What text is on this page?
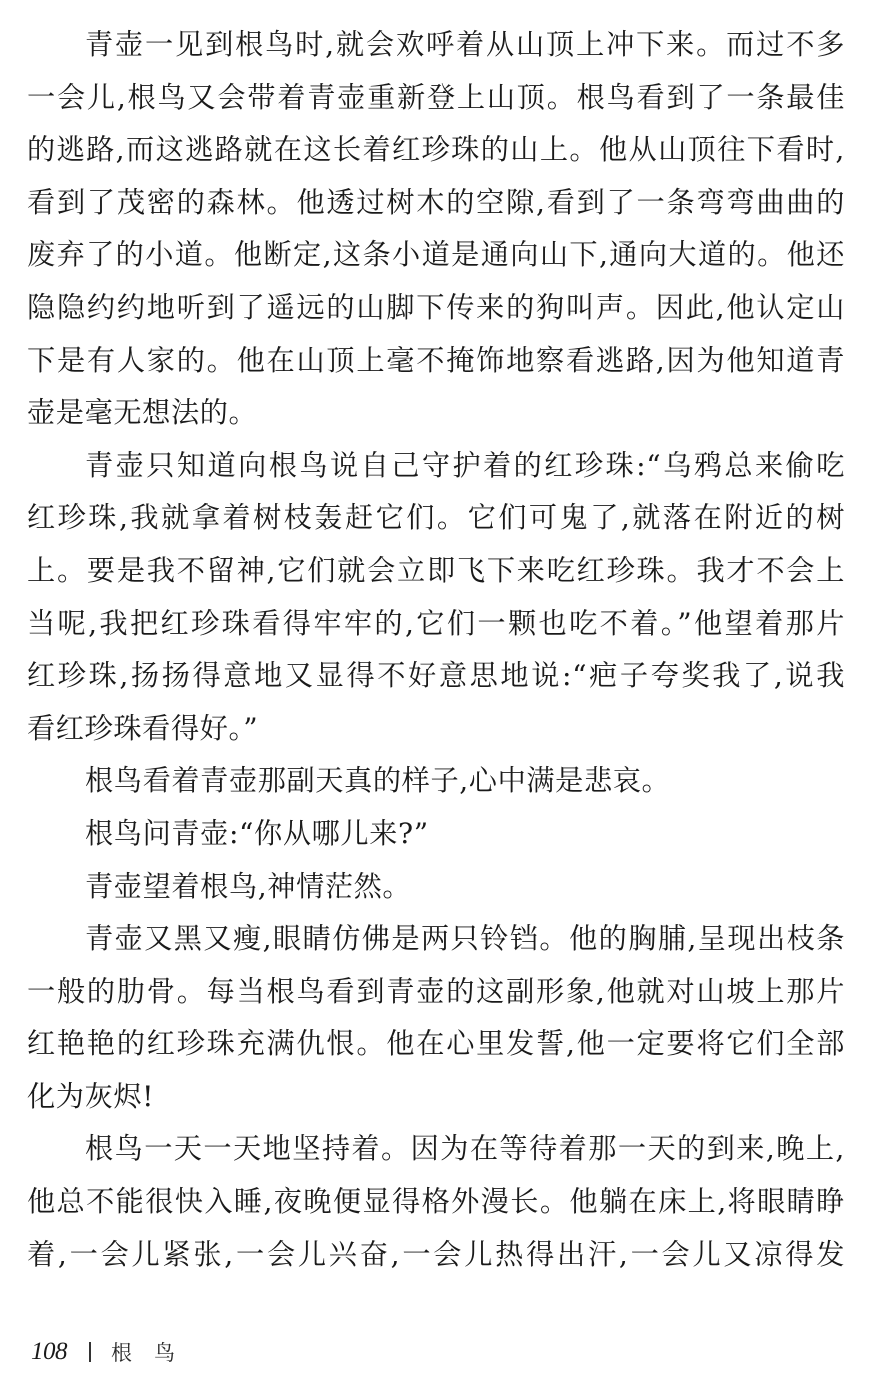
青壶一见到根鸟时,就会欢呼着从山顶上冲下来。而过不多
一会儿,根鸟又会带着青壶重新登上山顶。根鸟看到了一条最佳
的逃路,而这逃路就在这长着红珍珠的山上。他从山顶往下看时,
看到了茂密的森林。他透过树木的空隙,看到了一条弯弯曲曲的
废弃了的小道。他断定,这条小道是通向山下,通向大道的。他还
隐隐约约地听到了遥远的山脚下传来的狗叫声。因此,他认定山
下是有人家的。他在山顶上毫不掩饰地察看逃路,因为他知道青
壶是毫无想法的。
青壶只知道向根鸟说自己守护着的红珍珠:“乌鸦总来偷吃
红珍珠,我就拿着树枝轰赶它们。它们可鬼了,就落在附近的树
上。要是我不留神,它们就会立即飞下来吃红珍珠。我才不会上
当呢,我把红珍珠看得牢牢的,它们一颗也吃不着。”他望着那片
红珍珠,扬扬得意地又显得不好意思地说:“疤子夸奖我了,说我
看红珍珠看得好。”
根鸟看着青壶那副天真的样子,心中满是悲哀。
根鸟问青壶:“你从哪儿来?”
青壶望着根鸟,神情茫然。
青壶又黑又瘦,眼睛仿佛是两只铃铛。他的胸脯,呈现出枝条
一般的肋骨。每当根鸟看到青壶的这副形象,他就对山坡上那片
红艳艳的红珍珠充满仇恨。他在心里发誓,他一定要将它们全部
化为灰烬!
根鸟一天一天地坚持着。因为在等待着那一天的到来,晚上,
他总不能很快入睡,夜晚便显得格外漫长。他躺在床上,将眼睛睁
着,一会儿紧张,一会儿兴奋,一会儿热得出汗,一会儿又凉得发
108 根鸟
